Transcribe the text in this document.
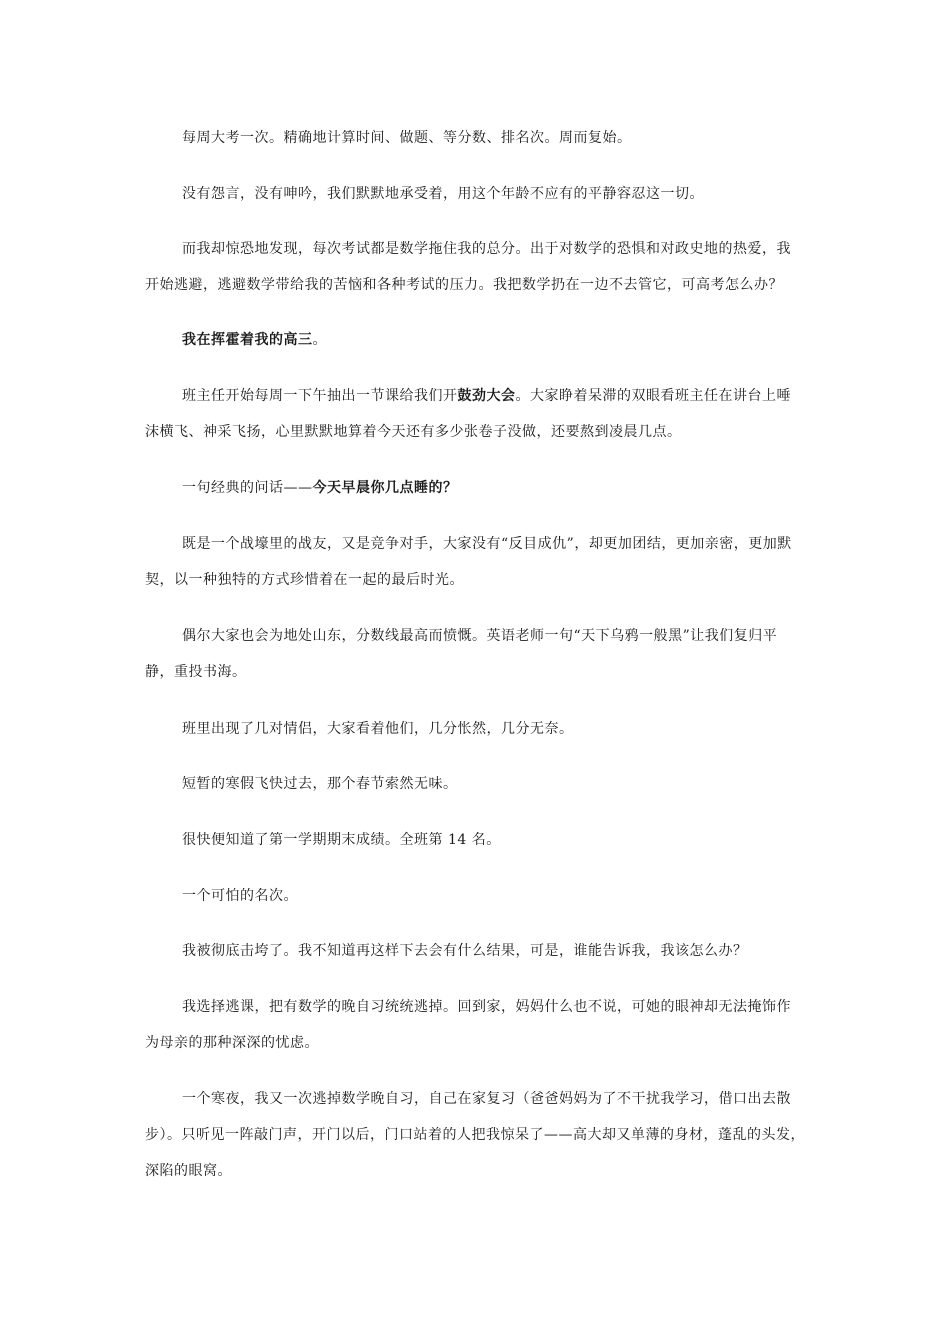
每周大考一次。精确地计算时间、做题、等分数、排名次。周而复始。

没有怨言，没有呻吟，我们默默地承受着，用这个年龄不应有的平静容忍这一切。

而我却惊恐地发现，每次考试都是数学拖住我的总分。出于对数学的恐惧和对政史地的热爱，我开始逃避，逃避数学带给我的苦恼和各种考试的压力。我把数学扔在一边不去管它，可高考怎么办？

我在挥霍着我的高三。

班主任开始每周一下午抽出一节课给我们开鼓劲大会。大家睁着呆滞的双眼看班主任在讲台上唾沫横飞、神采飞扬，心里默默地算着今天还有多少张卷子没做，还要熬到凌晨几点。

一句经典的问话——今天早晨你几点睡的？

既是一个战壕里的战友，又是竞争对手，大家没有“反目成仇”，却更加团结，更加亲密，更加默契，以一种独特的方式珍惜着在一起的最后时光。

偶尔大家也会为地处山东，分数线最高而愤慨。英语老师一句“天下乌鸦一般黑”让我们复归平静，重投书海。

班里出现了几对情侣，大家看着他们，几分怅然，几分无奈。

短暂的寒假飞快过去，那个春节索然无味。

很快便知道了第一学期期末成绩。全班第 14 名。

一个可怕的名次。

我被彻底击垮了。我不知道再这样下去会有什么结果，可是，谁能告诉我，我该怎么办？

我选择逃课，把有数学的晚自习统统逃掉。回到家，妈妈什么也不说，可她的眼神却无法掩饰作为母亲的那种深深的忧虑。

一个寒夜，我又一次逃掉数学晚自习，自己在家复习（爸爸妈妈为了不干扰我学习，借口出去散步）。只听见一阵敲门声，开门以后，门口站着的人把我惊呆了——高大却又单薄的身材，蓬乱的头发，深陷的眼窝。
